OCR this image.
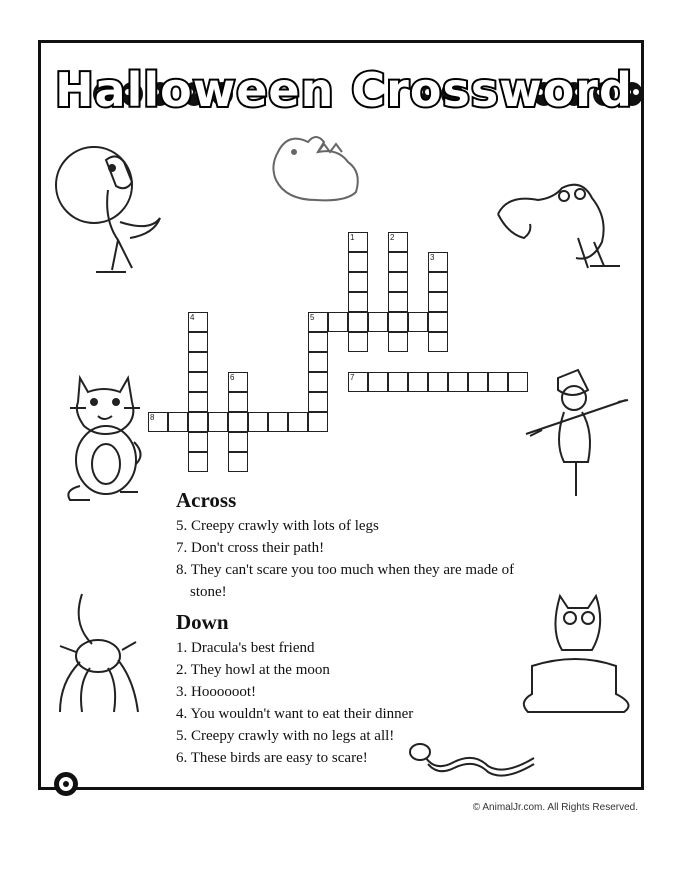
Halloween Crossword
1	2
3
4	5
6	7
8
Across
5. Creepy crawly with lots of legs
7. Don't cross their path!
8. They can't scare you too much when they are made of stone!
Down
1. Dracula's best friend
2. They howl at the moon
3. Hoooooot!
4. You wouldn't want to eat their dinner
5. Creepy crawly with no legs at all!
6. These birds are easy to scare!
© AnimalJr.com. All Rights Reserved.
